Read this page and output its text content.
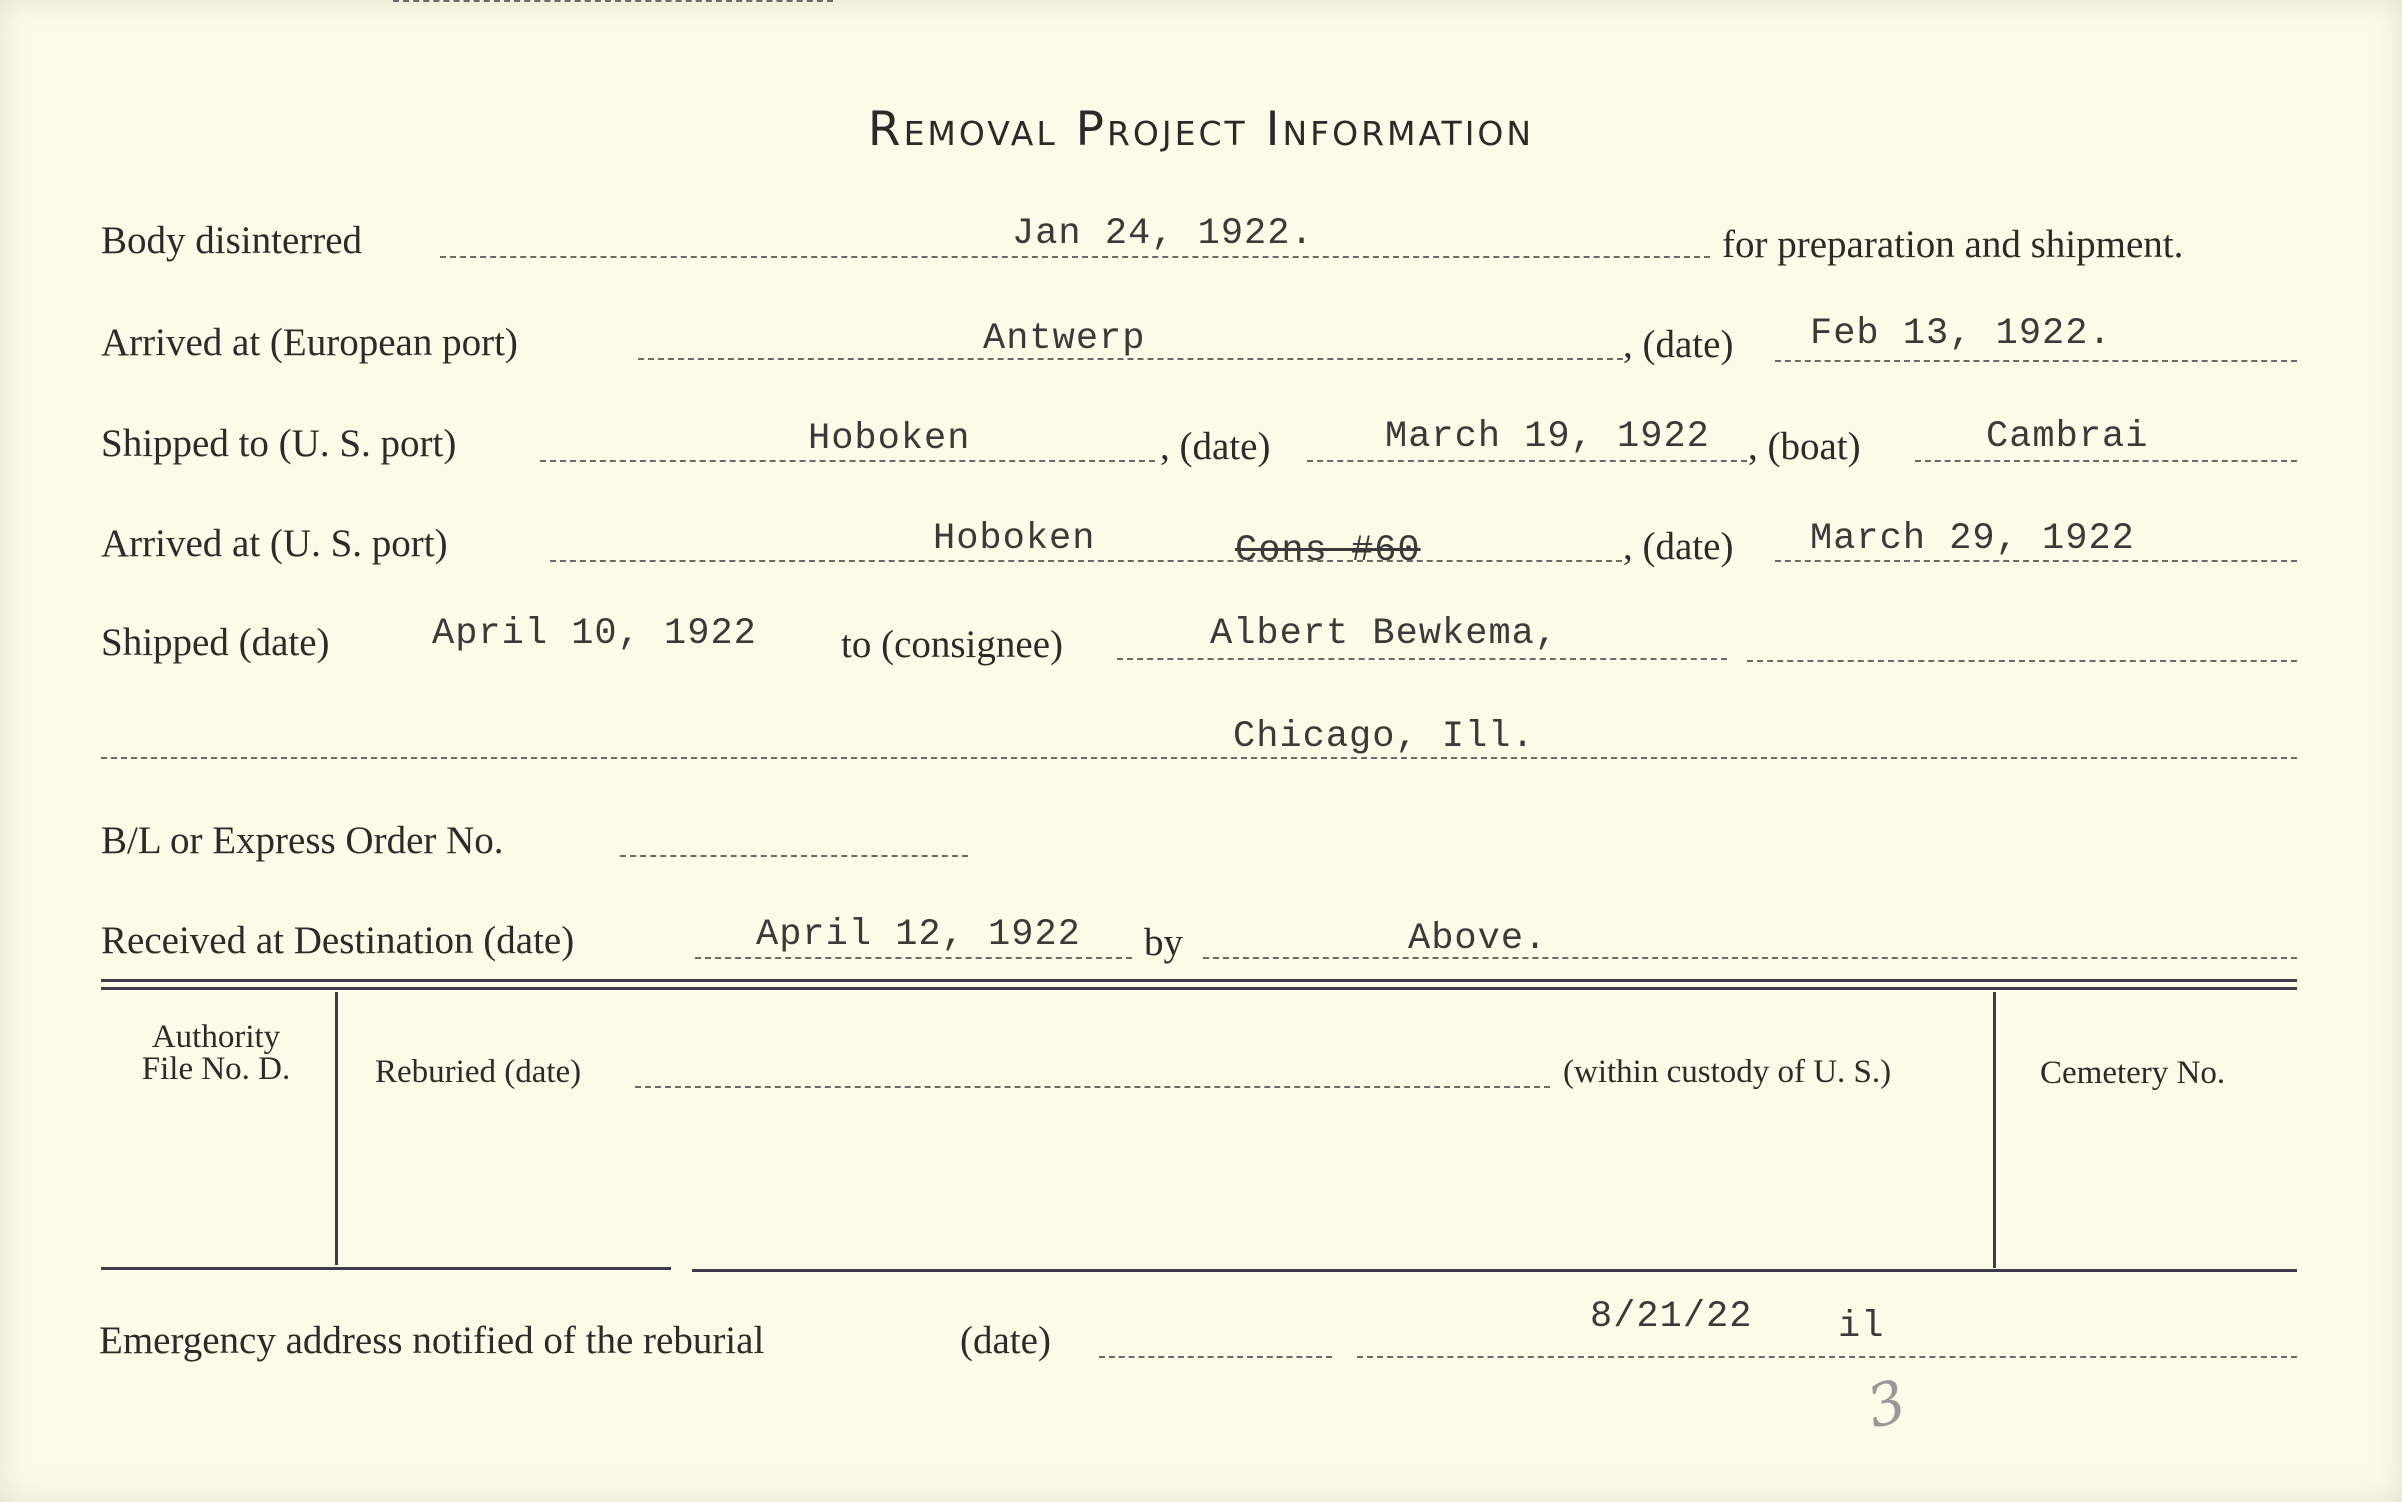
Removal Project Information
Body disinterred	Jan 24, 1922.	for preparation and shipment.
Arrived at (European port)	Antwerp	, (date) Feb 13, 1922.
Shipped to (U. S. port)	Hoboken	, (date)	March 19, 1922 , (boat)	Cambrai
Arrived at (U. S. port)	Hoboken	Cons #60	, (date) March 29, 1922
Shipped (date)	April 10, 1922 to (consignee)	Albert Bewkema,
Chicago, Ill.
B/L or Express Order No.
Received at Destination (date)	April 12, 1922 by	Above.
Authority
File No. D.	Reburied (date)	(within custody of U. S.)	Cemetery No.
Emergency address notified of the reburial	(date)
8/21/22 il
3
